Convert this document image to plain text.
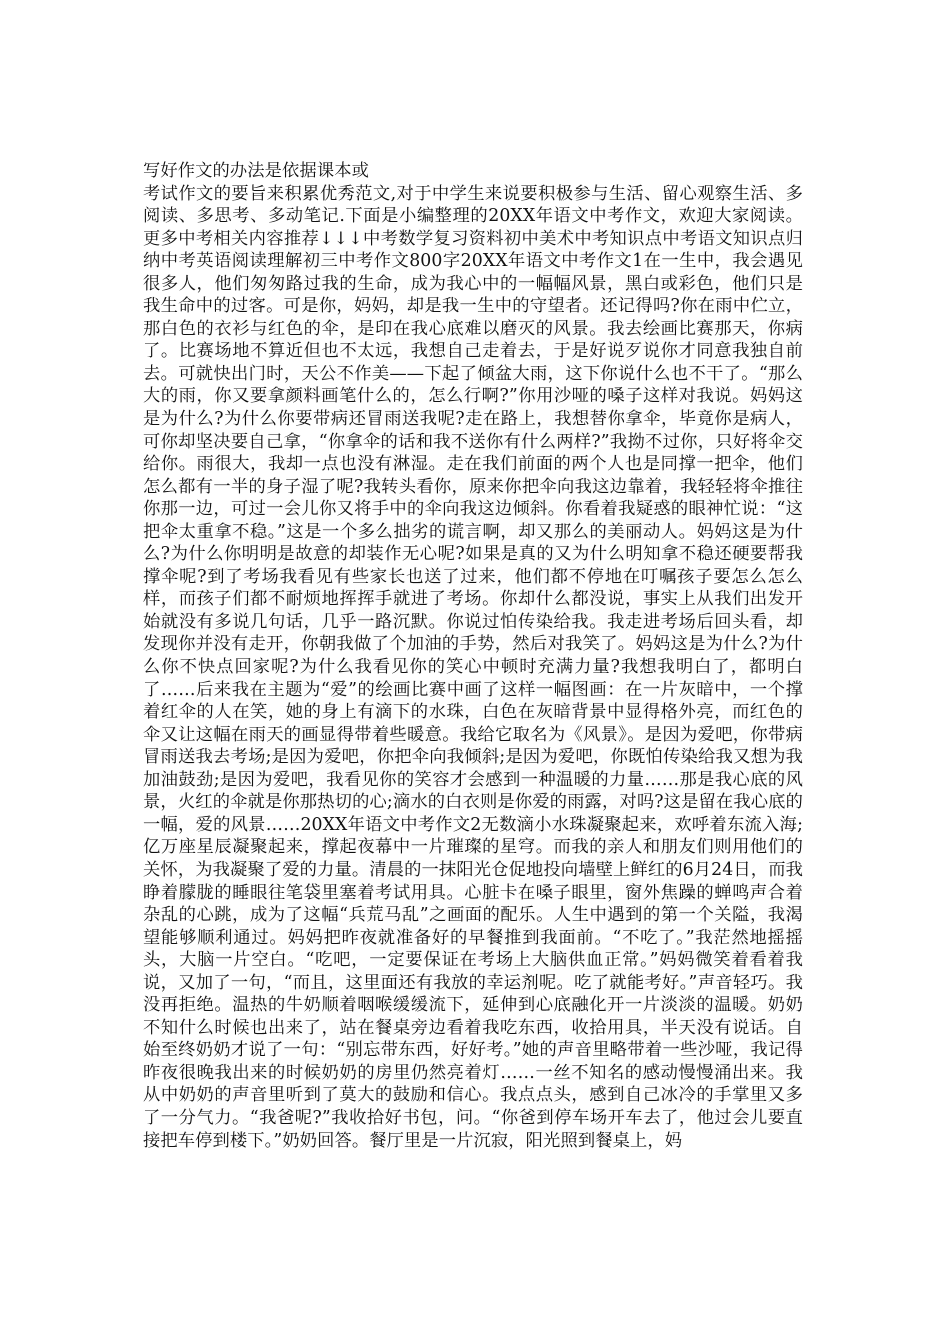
写好作文的办法是依据课本或
考试作文的要旨来积累优秀范文,对于中学生来说要积极参与生活、留心观察生活、多阅读、多思考、多动笔记.下面是小编整理的20XX年语文中考作文，欢迎大家阅读。更多中考相关内容推荐↓↓↓中考数学复习资料初中美术中考知识点中考语文知识点归纳中考英语阅读理解初三中考作文800字20XX年语文中考作文1在一生中，我会遇见很多人，他们匆匆路过我的生命，成为我心中的一幅幅风景，黑白或彩色，他们只是我生命中的过客。可是你，妈妈，却是我一生中的守望者。还记得吗?你在雨中伫立，那白色的衣衫与红色的伞，是印在我心底难以磨灭的风景。我去绘画比赛那天，你病了。比赛场地不算近但也不太远，我想自己走着去，于是好说歹说你才同意我独自前去。可就快出门时，天公不作美——下起了倾盆大雨，这下你说什么也不干了。“那么大的雨，你又要拿颜料画笔什么的，怎么行啊?”你用沙哑的嗓子这样对我说。妈妈这是为什么?为什么你要带病还冒雨送我呢?走在路上，我想替你拿伞，毕竟你是病人，可你却坚决要自己拿，“你拿伞的话和我不送你有什么两样?”我拗不过你，只好将伞交给你。雨很大，我却一点也没有淋湿。走在我们前面的两个人也是同撑一把伞，他们怎么都有一半的身子湿了呢?我转头看你，原来你把伞向我这边靠着，我轻轻将伞推往你那一边，可过一会儿你又将手中的伞向我这边倾斜。你看着我疑惑的眼神忙说：“这把伞太重拿不稳。”这是一个多么拙劣的谎言啊，却又那么的美丽动人。妈妈这是为什么?为什么你明明是故意的却装作无心呢?如果是真的又为什么明知拿不稳还硬要帮我撑伞呢?到了考场我看见有些家长也送了过来，他们都不停地在叮嘱孩子要怎么怎么样，而孩子们都不耐烦地挥挥手就进了考场。你却什么都没说，事实上从我们出发开始就没有多说几句话，几乎一路沉默。你说过怕传染给我。我走进考场后回头看，却发现你并没有走开，你朝我做了个加油的手势，然后对我笑了。妈妈这是为什么?为什么你不快点回家呢?为什么我看见你的笑心中顿时充满力量?我想我明白了，都明白了……后来我在主题为“爱”的绘画比赛中画了这样一幅图画：在一片灰暗中，一个撑着红伞的人在笑，她的身上有滴下的水珠，白色在灰暗背景中显得格外亮，而红色的伞又让这幅在雨天的画显得带着些暖意。我给它取名为《风景》。是因为爱吧，你带病冒雨送我去考场;是因为爱吧，你把伞向我倾斜;是因为爱吧，你既怕传染给我又想为我加油鼓劲;是因为爱吧，我看见你的笑容才会感到一种温暖的力量……那是我心底的风景，火红的伞就是你那热切的心;滴水的白衣则是你爱的雨露，对吗?这是留在我心底的一幅，爱的风景……20XX年语文中考作文2无数滴小水珠凝聚起来，欢呼着东流入海;亿万座星辰凝聚起来，撑起夜幕中一片璀璨的星穹。而我的亲人和朋友们则用他们的关怀，为我凝聚了爱的力量。清晨的一抹阳光仓促地投向墙壁上鲜红的6月24日，而我睁着朦胧的睡眼往笔袋里塞着考试用具。心脏卡在嗓子眼里，窗外焦躁的蝉鸣声合着杂乱的心跳，成为了这幅“兵荒马乱”之画面的配乐。人生中遇到的第一个关隘，我渴望能够顺利通过。妈妈把昨夜就准备好的早餐推到我面前。“不吃了。”我茫然地摇摇头，大脑一片空白。“吃吧，一定要保证在考场上大脑供血正常。”妈妈微笑着看着我说，又加了一句，“而且，这里面还有我放的幸运剂呢。吃了就能考好。”声音轻巧。我没再拒绝。温热的牛奶顺着咽喉缓缓流下，延伸到心底融化开一片淡淡的温暖。奶奶不知什么时候也出来了，站在餐桌旁边看着我吃东西，收拾用具，半天没有说话。自始至终奶奶才说了一句：“别忘带东西，好好考。”她的声音里略带着一些沙哑，我记得昨夜很晚我出来的时候奶奶的房里仍然亮着灯……一丝不知名的感动慢慢涌出来。我从中奶奶的声音里听到了莫大的鼓励和信心。我点点头，感到自己冰冷的手掌里又多了一分气力。“我爸呢?”我收拾好书包，问。“你爸到停车场开车去了，他过会儿要直接把车停到楼下。”奶奶回答。餐厅里是一片沉寂，阳光照到餐桌上，妈
